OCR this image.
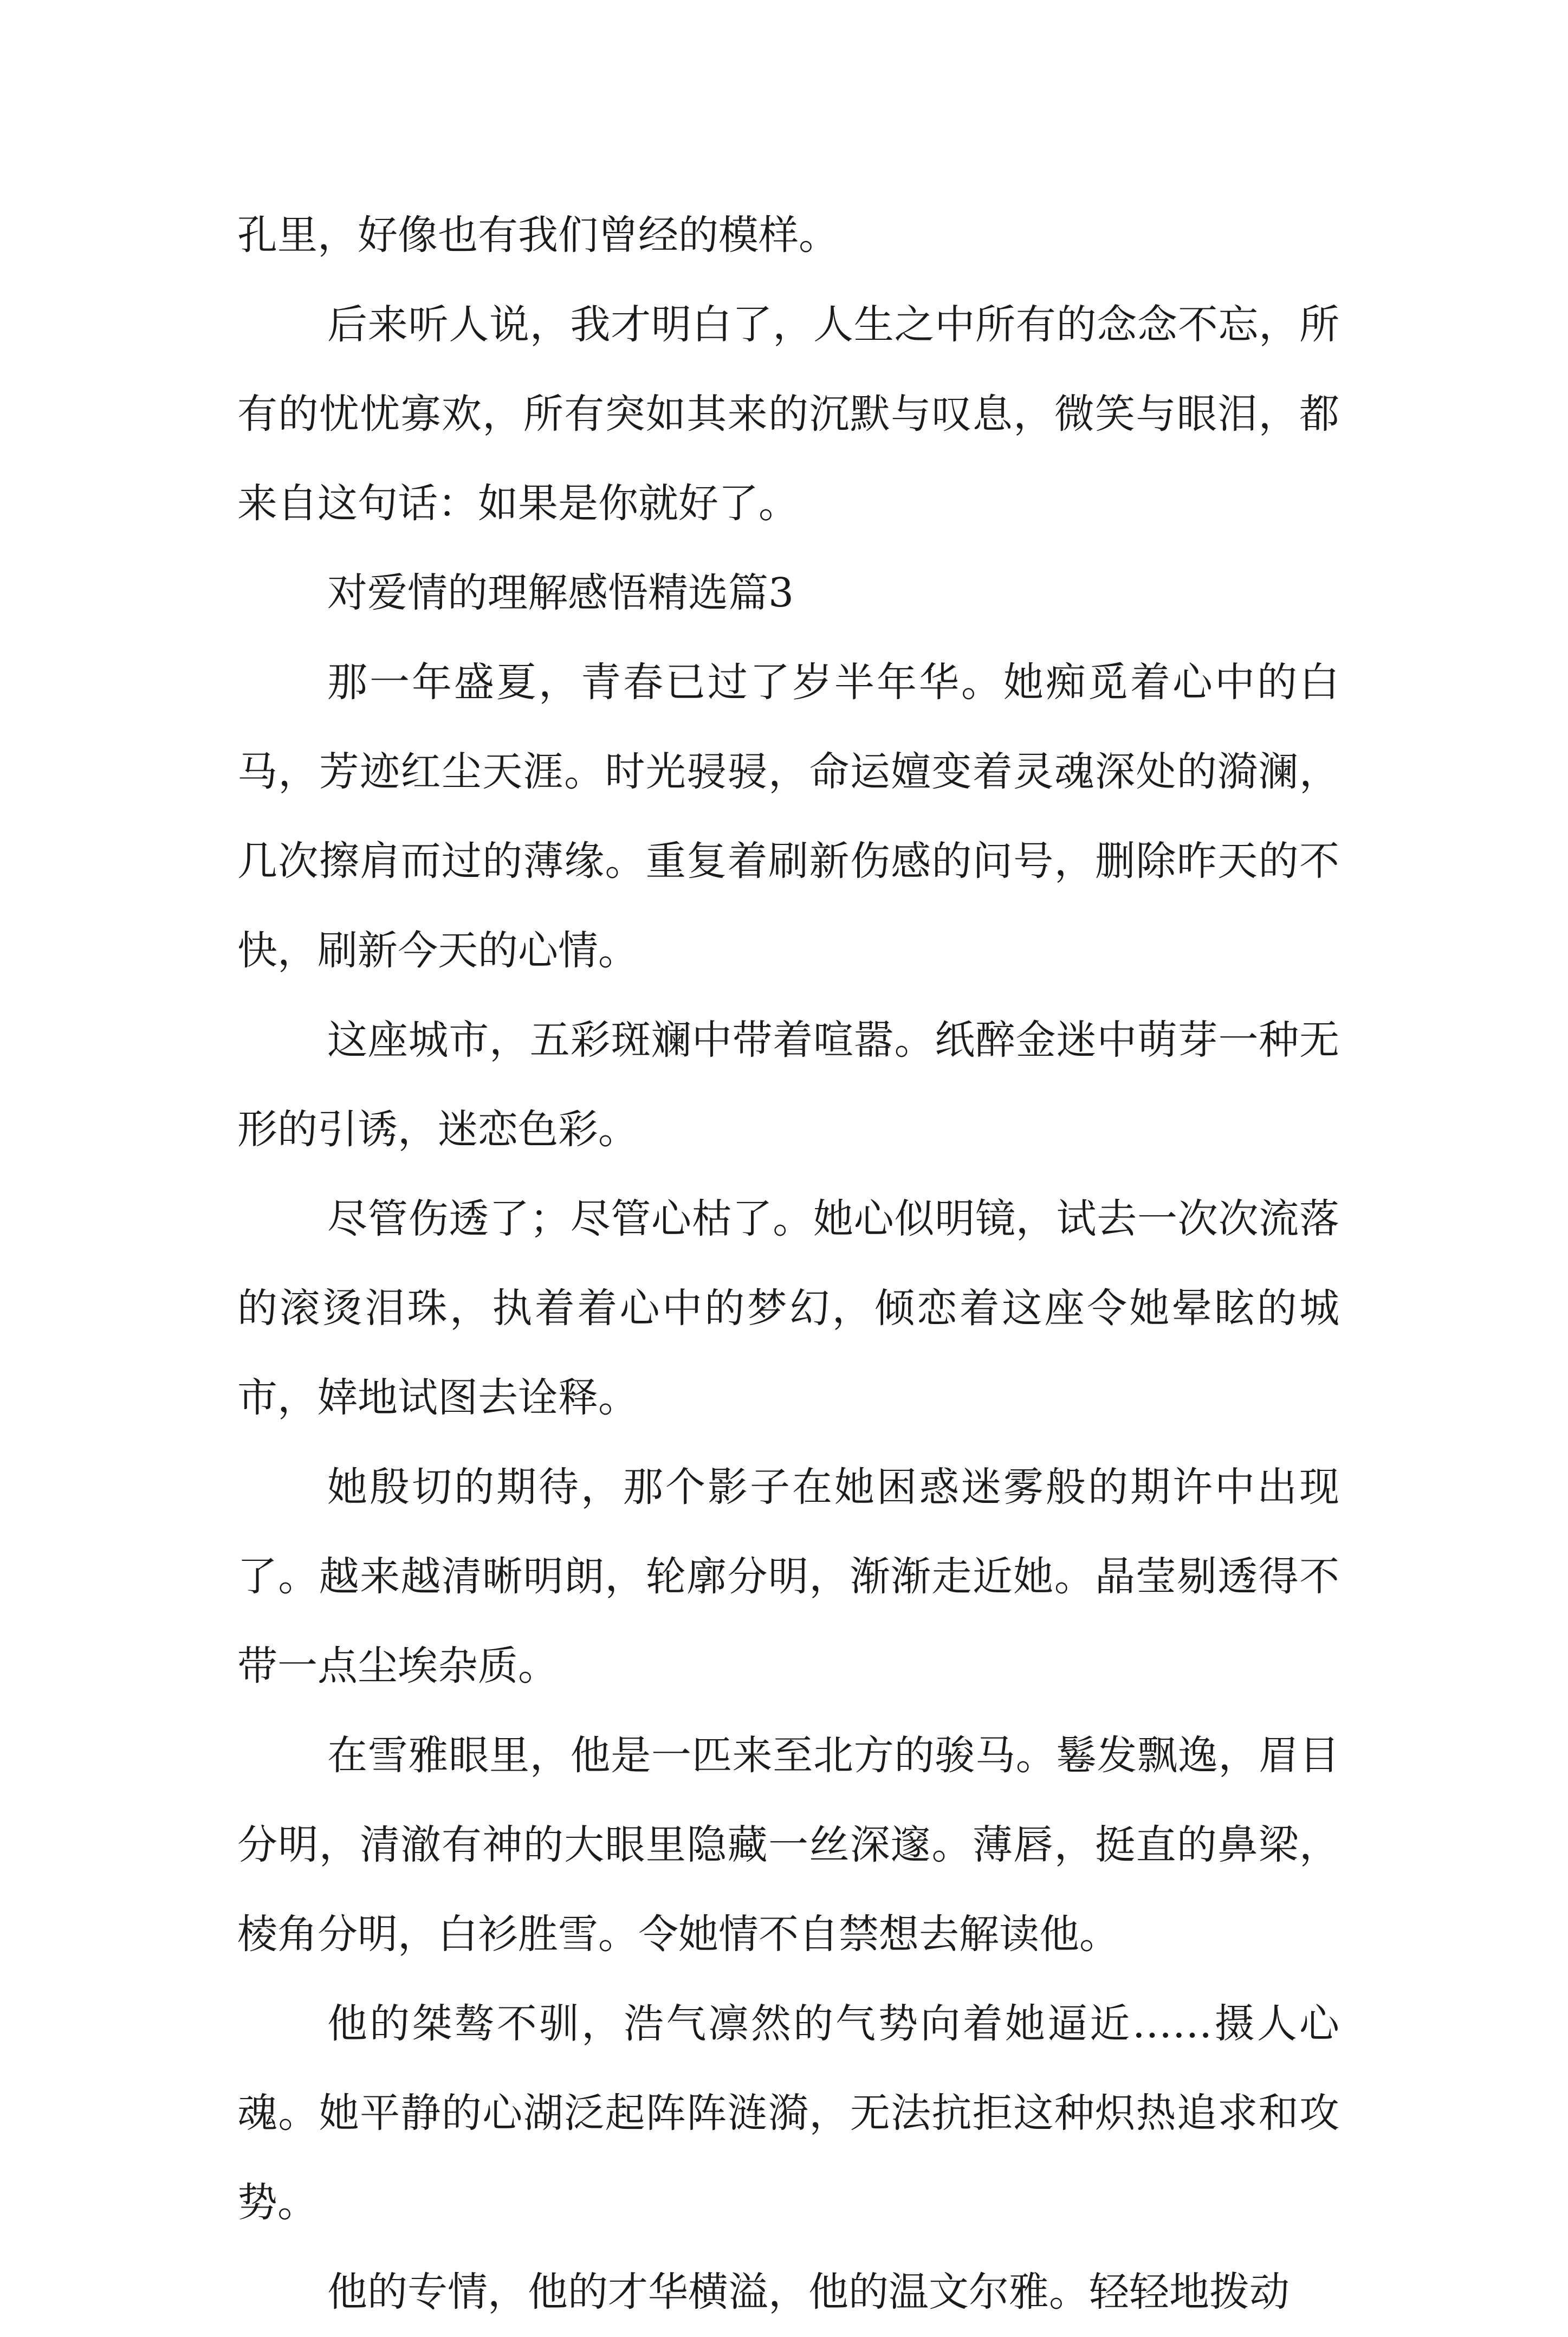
孔里，好像也有我们曾经的模样。

后来听人说，我才明白了，人生之中所有的念念不忘，所有的忧忧寡欢，所有突如其来的沉默与叹息，微笑与眼泪，都来自这句话：如果是你就好了。

对爱情的理解感悟精选篇3

那一年盛夏，青春已过了岁半年华。她痴觅着心中的白马，芳迹红尘天涯。时光骎骎，命运嬗变着灵魂深处的漪澜，几次擦肩而过的薄缘。重复着刷新伤感的问号，删除昨天的不快，刷新今天的心情。

这座城市，五彩斑斓中带着喧嚣。纸醉金迷中萌芽一种无形的引诱，迷恋色彩。

尽管伤透了；尽管心枯了。她心似明镜，试去一次次流落的滚烫泪珠，执着着心中的梦幻，倾恋着这座令她晕眩的城市，婞地试图去诠释。

她殷切的期待，那个影子在她困惑迷雾般的期许中出现了。越来越清晰明朗，轮廓分明，渐渐走近她。晶莹剔透得不带一点尘埃杂质。

在雪雅眼里，他是一匹来至北方的骏马。鬈发飘逸，眉目分明，清澈有神的大眼里隐藏一丝深邃。薄唇，挺直的鼻梁，棱角分明，白衫胜雪。令她情不自禁想去解读他。

他的桀骜不驯，浩气凛然的气势向着她逼近……摄人心魂。她平静的心湖泛起阵阵涟漪，无法抗拒这种炽热追求和攻势。

他的专情，他的才华横溢，他的温文尔雅。轻轻地拨动
